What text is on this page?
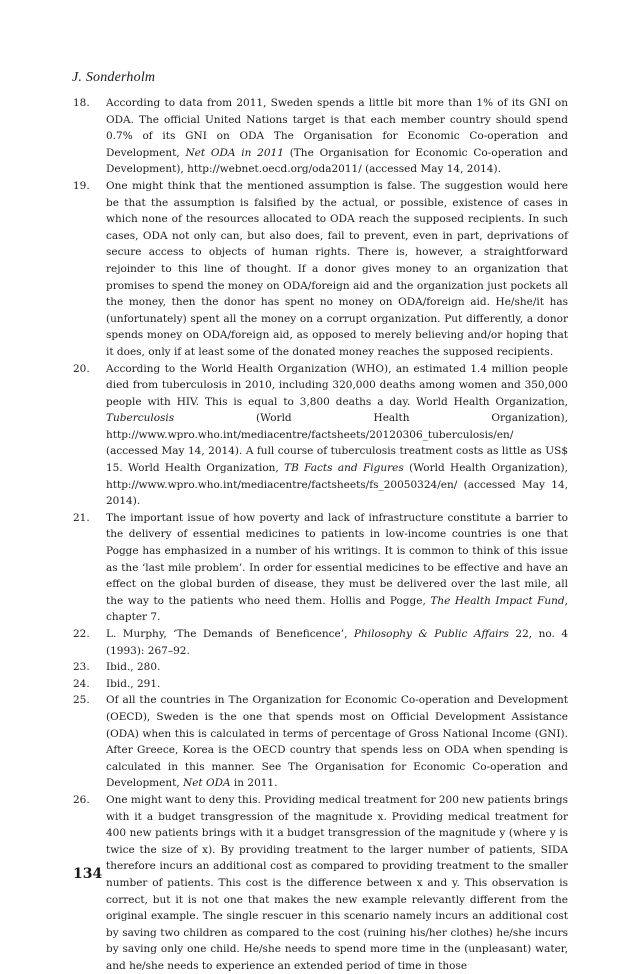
J. Sonderholm
18. According to data from 2011, Sweden spends a little bit more than 1% of its GNI on ODA. The official United Nations target is that each member country should spend 0.7% of its GNI on ODA The Organisation for Economic Co-operation and Development, Net ODA in 2011 (The Organisation for Economic Co-operation and Development), http://webnet.oecd.org/oda2011/ (accessed May 14, 2014).
19. One might think that the mentioned assumption is false. The suggestion would here be that the assumption is falsified by the actual, or possible, existence of cases in which none of the resources allocated to ODA reach the supposed recipients. In such cases, ODA not only can, but also does, fail to prevent, even in part, deprivations of secure access to objects of human rights. There is, however, a straightforward rejoinder to this line of thought. If a donor gives money to an organization that promises to spend the money on ODA/foreign aid and the organization just pockets all the money, then the donor has spent no money on ODA/foreign aid. He/she/it has (unfortunately) spent all the money on a corrupt organization. Put differently, a donor spends money on ODA/foreign aid, as opposed to merely believing and/or hoping that it does, only if at least some of the donated money reaches the supposed recipients.
20. According to the World Health Organization (WHO), an estimated 1.4 million people died from tuberculosis in 2010, including 320,000 deaths among women and 350,000 people with HIV. This is equal to 3,800 deaths a day. World Health Organization, Tuberculosis (World Health Organization), http://www.wpro.who.int/mediacentre/factsheets/20120306_tuberculosis/en/ (accessed May 14, 2014). A full course of tuberculosis treatment costs as little as US$ 15. World Health Organization, TB Facts and Figures (World Health Organization), http://www.wpro.who.int/mediacentre/factsheets/fs_20050324/en/ (accessed May 14, 2014).
21. The important issue of how poverty and lack of infrastructure constitute a barrier to the delivery of essential medicines to patients in low-income countries is one that Pogge has emphasized in a number of his writings. It is common to think of this issue as the ‘last mile problem’. In order for essential medicines to be effective and have an effect on the global burden of disease, they must be delivered over the last mile, all the way to the patients who need them. Hollis and Pogge, The Health Impact Fund, chapter 7.
22. L. Murphy, ‘The Demands of Beneficence’, Philosophy & Public Affairs 22, no. 4 (1993): 267–92.
23. Ibid., 280.
24. Ibid., 291.
25. Of all the countries in The Organization for Economic Co-operation and Development (OECD), Sweden is the one that spends most on Official Development Assistance (ODA) when this is calculated in terms of percentage of Gross National Income (GNI). After Greece, Korea is the OECD country that spends less on ODA when spending is calculated in this manner. See The Organisation for Economic Co-operation and Development, Net ODA in 2011.
26. One might want to deny this. Providing medical treatment for 200 new patients brings with it a budget transgression of the magnitude x. Providing medical treatment for 400 new patients brings with it a budget transgression of the magnitude y (where y is twice the size of x). By providing treatment to the larger number of patients, SIDA therefore incurs an additional cost as compared to providing treatment to the smaller number of patients. This cost is the difference between x and y. This observation is correct, but it is not one that makes the new example relevantly different from the original example. The single rescuer in this scenario namely incurs an additional cost by saving two children as compared to the cost (ruining his/her clothes) he/she incurs by saving only one child. He/she needs to spend more time in the (unpleasant) water, and he/she needs to experience an extended period of time in those
134
